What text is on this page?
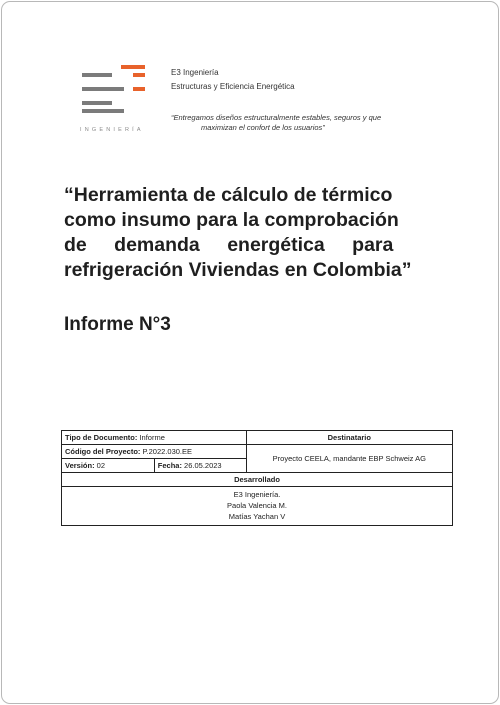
INGENIERÍA
E3 Ingeniería
Estructuras y Eficiencia Energética
“Entregamos diseños estructuralmente estables, seguros y que
maximizan el confort de los usuarios”
“Herramienta de cálculo de térmico
como insumo para la comprobación
de demanda energética para
refrigeración Viviendas en Colombia”
Informe N°3
Tipo de Documento: Informe		Destinatario
Código del Proyecto: P.2022.030.EE		Proyecto CEELA, mandante EBP Schweiz AG
Versión: 02	Fecha: 26.05.2023	
Desarrollado		

E3 Ingeniería.
Paola Valencia M.
Matías Yachan V		
